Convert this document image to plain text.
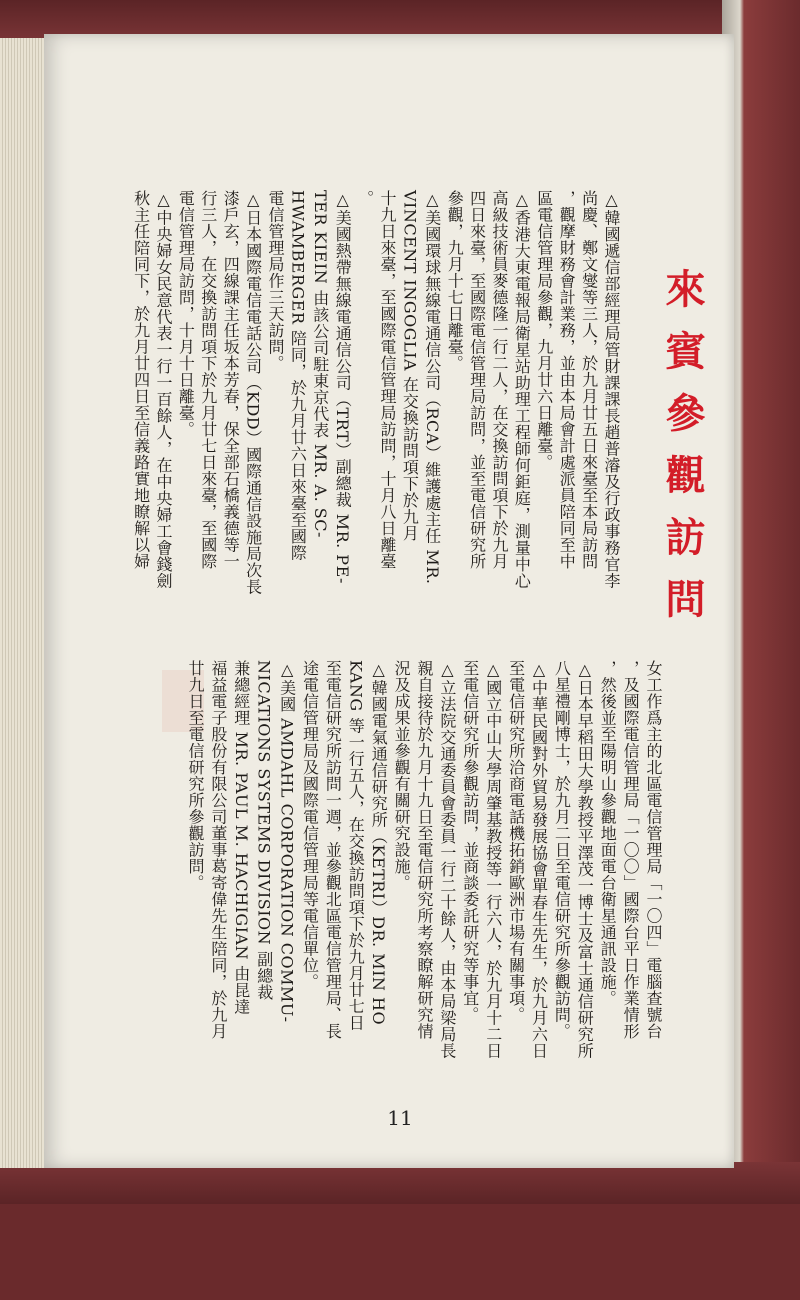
來賓參觀訪問
△韓國遞信部經理局管財課課長趙普濬及行政事務官李
尚慶、鄭文燮等三人，於九月廿五日來臺至本局訪問
，觀摩財務會計業務，並由本局會計處派員陪同至中
區電信管理局參觀，九月廿六日離臺。
△香港大東電報局衛星站助理工程師何鉅庭，測量中心
高級技術員麥德隆一行二人，在交換訪問項下於九月
四日來臺，至國際電信管理局訪問，並至電信研究所
參觀，九月十七日離臺。
△美國環球無線電通信公司（RCA）維護處主任 MR.
VINCENT INGOGLIA 在交換訪問項下於九月
十九日來臺，至國際電信管理局訪問，十月八日離臺
。
△美國熱帶無線電通信公司（TRT）副總裁 MR. PE-
TER KIEIN 由該公司駐東京代表 MR. A. SC-
HWAMBERGER 陪同，於九月廿六日來臺至國際
電信管理局作三天訪問。
△日本國際電信電話公司（KDD）國際通信設施局次長
漆戶玄，四線課主任坂本芳春，保全部石橋義德等一
行三人，在交換訪問項下於九月廿七日來臺，至國際
電信管理局訪問，十月十日離臺。
△中央婦女民意代表一行一百餘人，在中央婦工會錢劍
秋主任陪同下，於九月廿四日至信義路實地瞭解以婦
女工作爲主的北區電信管理局「一〇四」電腦查號台
，及國際電信管理局「一〇〇」國際台平日作業情形
，然後並至陽明山參觀地面電台衛星通訊設施。
△日本早稻田大學教授平澤茂一博士及富士通信研究所
八星禮剛博士，於九月二日至電信研究所參觀訪問。
△中華民國對外貿易發展協會單春生先生，於九月六日
至電信研究所洽商電話機拓銷歐洲市場有關事項。
△國立中山大學周肇基教授等一行六人，於九月十二日
至電信研究所參觀訪問，並商談委託研究等事宜。
△立法院交通委員會委員一行二十餘人，由本局梁局長
親自接待於九月十九日至電信研究所考察瞭解研究情
況及成果並參觀有關研究設施。
△韓國電氣通信研究所（KETRI）DR. MIN HO
KANG 等一行五人，在交換訪問項下於九月廿七日
至電信研究所訪問一週，並參觀北區電信管理局、長
途電信管理局及國際電信管理局等電信單位。
△美國 AMDAHL CORPORATION COMMU-
NICATIONS SYSTEMS DIVISION 副總裁
兼總經理 MR. PAUL M. HACHIGIAN 由昆達
福益電子股份有限公司董事葛寄偉先生陪同，於九月
廿九日至電信研究所參觀訪問。
11
